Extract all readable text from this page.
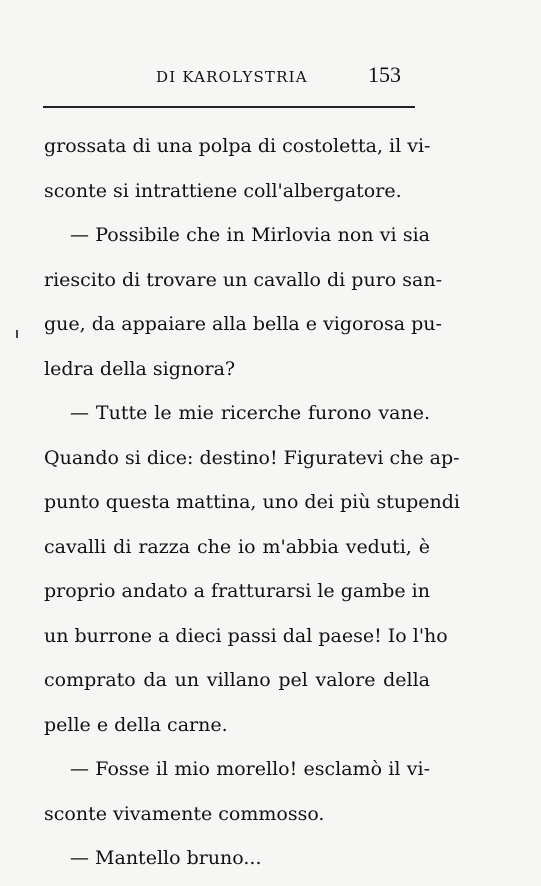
DI KAROLYSTRIA	153
grossata di una polpa di costoletta, il vi-
sconte si intrattiene coll'albergatore.
— Possibile che in Mirlovia non vi sia
riescito di trovare un cavallo di puro san-
gue, da appaiare alla bella e vigorosa pu-
ledra della signora?
— Tutte le mie ricerche furono vane.
Quando si dice: destino! Figuratevi che ap-
punto questa mattina, uno dei più stupendi
cavalli di razza che io m'abbia veduti, è
proprio andato a fratturarsi le gambe in
un burrone a dieci passi dal paese! Io l'ho
comprato da un villano pel valore della
pelle e della carne.
— Fosse il mio morello! esclamò il vi-
sconte vivamente commosso.
— Mantello bruno...
